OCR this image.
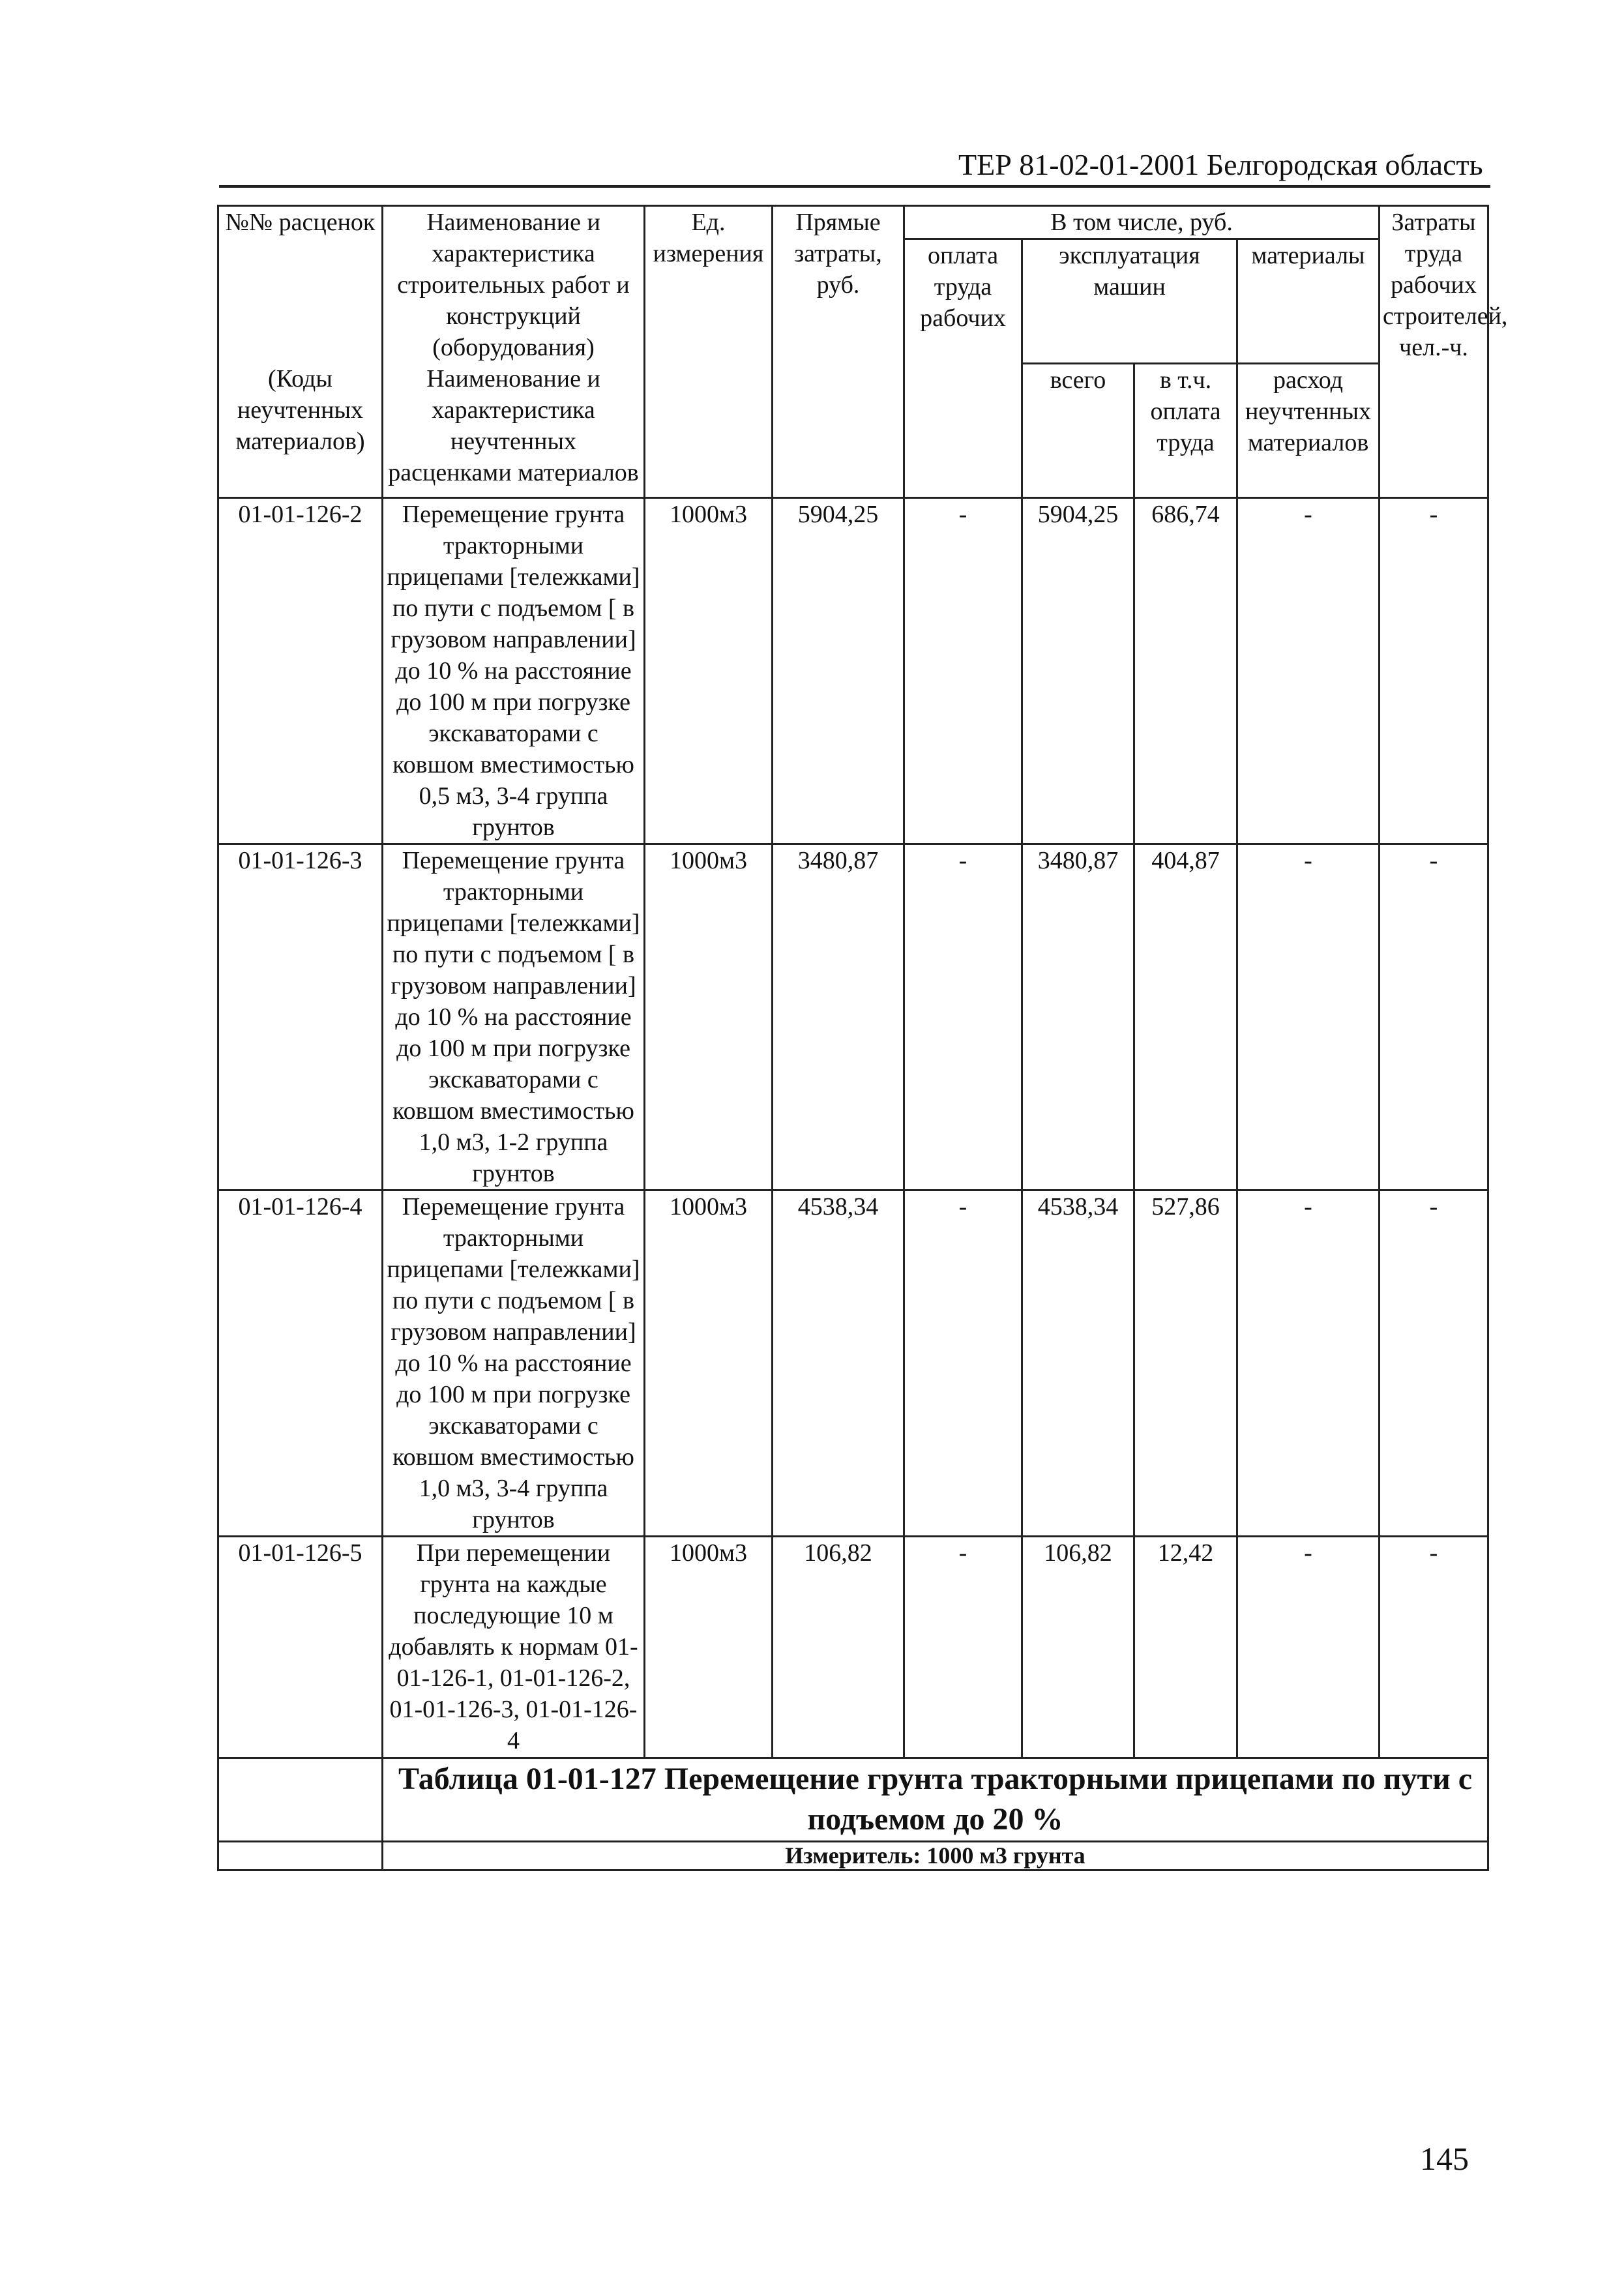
ТЕР 81-02-01-2001 Белгородская область
№№ расценок	Наименование и характеристика строительных работ и конструкций (оборудования)	Ед. измерения	Прямые затраты, руб.	В том числе, руб.				Затраты труда рабочих строителей, чел.-ч.
				оплата труда рабочих	эксплуатация машин		материалы	

(Коды неучтенных материалов)	Наименование и характеристика неучтенных расценками материалов				всего	в т.ч. оплата труда	расход неучтенных материалов	
01-01-126-2	Перемещение грунта тракторными прицепами [тележками] по пути с подъемом [ в грузовом направлении] до 10 % на расстояние до 100 м при погрузке экскаваторами с ковшом вместимостью 0,5 м3, 3-4 группа грунтов	1000м3	5904,25	-	5904,25	686,74	-	-
01-01-126-3	Перемещение грунта тракторными прицепами [тележками] по пути с подъемом [ в грузовом направлении] до 10 % на расстояние до 100 м при погрузке экскаваторами с ковшом вместимостью 1,0 м3, 1-2 группа грунтов	1000м3	3480,87	-	3480,87	404,87	-	-
01-01-126-4	Перемещение грунта тракторными прицепами [тележками] по пути с подъемом [ в грузовом направлении] до 10 % на расстояние до 100 м при погрузке экскаваторами с ковшом вместимостью 1,0 м3, 3-4 группа грунтов	1000м3	4538,34	-	4538,34	527,86	-	-
01-01-126-5	При перемещении грунта на каждые последующие 10 м добавлять к нормам 01-01-126-1, 01-01-126-2, 01-01-126-3, 01-01-126-4	1000м3	106,82	-	106,82	12,42	-	-
	Таблица 01-01-127 Перемещение грунта тракторными прицепами по пути с подъемом до 20 %							
	Измеритель: 1000 м3 грунта							
145
